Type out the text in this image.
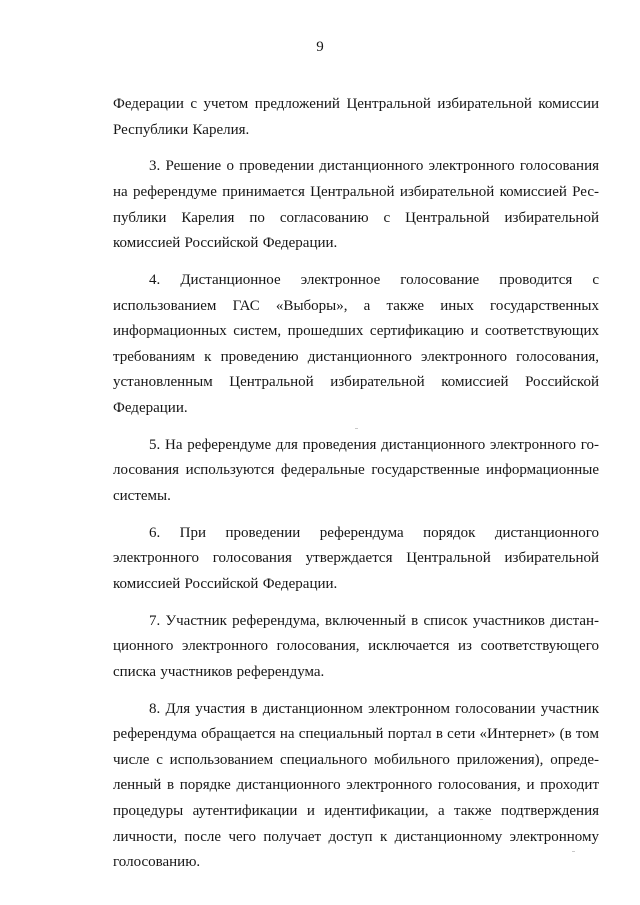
9

Федерации с учетом предложений Центральной избирательной комиссии Республики Карелия.

3. Решение о проведении дистанционного электронного голосования на референдуме принимается Центральной избирательной комиссией Республики Карелия по согласованию с Центральной избирательной комиссией Российской Федерации.

4. Дистанционное электронное голосование проводится с использованием ГАС «Выборы», а также иных государственных информационных систем, прошедших сертификацию и соответствующих требованиям к проведению дистанционного электронного голосования, установленным Центральной избирательной комиссией Российской Федерации.

5. На референдуме для проведения дистанционного электронного голосования используются федеральные государственные информационные системы.

6. При проведении референдума порядок дистанционного электронного голосования утверждается Центральной избирательной комиссией Российской Федерации.

7. Участник референдума, включенный в список участников дистанционного электронного голосования, исключается из соответствующего списка участников референдума.

8. Для участия в дистанционном электронном голосовании участник референдума обращается на специальный портал в сети «Интернет» (в том числе с использованием специального мобильного приложения), определенный в порядке дистанционного электронного голосования, и проходит процедуры аутентификации и идентификации, а также подтверждения личности, после чего получает доступ к дистанционному электронному голосованию.
